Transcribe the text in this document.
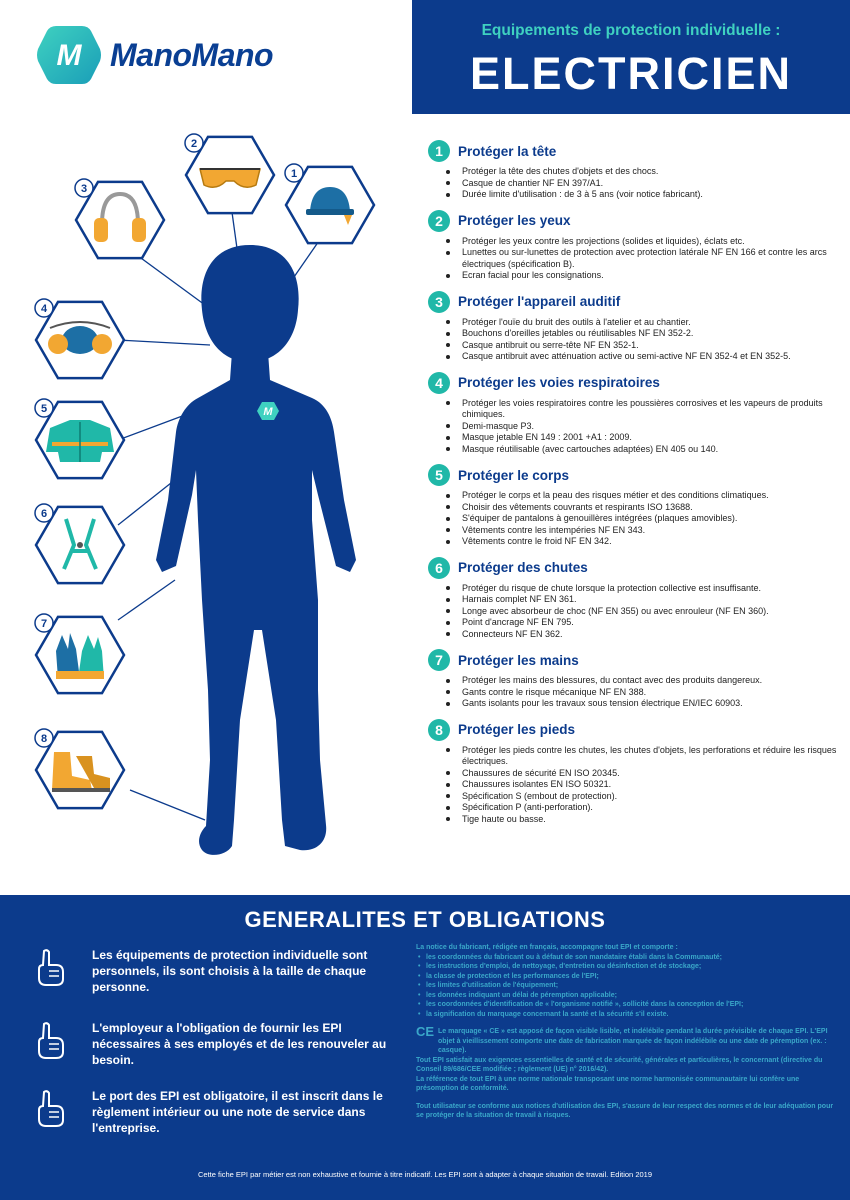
M ManoMano
Equipements de protection individuelle :
ELECTRICIEN
M
1
2
3
4
5
6
7
8
1	Protéger la tête
Protéger la tête des chutes d'objets et des chocs.
Casque de chantier NF EN 397/A1.
Durée limite d'utilisation : de 3 à 5 ans (voir notice fabricant).
2	Protéger les yeux
Protéger les yeux contre les projections (solides et liquides), éclats etc.
Lunettes ou sur-lunettes de protection avec protection latérale NF EN 166 et contre les arcs électriques (spécification B).
Ecran facial pour les consignations.
3	Protéger l'appareil auditif
Protéger l'ouïe du bruit des outils à l'atelier et au chantier.
Bouchons d'oreilles jetables ou réutilisables NF EN 352-2.
Casque antibruit ou serre-tête NF EN 352-1.
Casque antibruit avec atténuation active ou semi-active NF EN 352-4 et EN 352-5.
4	Protéger les voies respiratoires
Protéger les voies respiratoires contre les poussières corrosives et les vapeurs de produits chimiques.
Demi-masque P3.
Masque jetable EN 149 : 2001 +A1 : 2009.
Masque réutilisable (avec cartouches adaptées) EN 405 ou 140.
5	Protéger le corps
Protéger le corps et la peau des risques métier et des conditions climatiques.
Choisir des vêtements couvrants et respirants ISO 13688.
S'équiper de pantalons à genouillères intégrées (plaques amovibles).
Vêtements contre les intempéries NF EN 343.
Vêtements contre le froid NF EN 342.
6	Protéger des chutes
Protéger du risque de chute lorsque la protection collective est insuffisante.
Harnais complet NF EN 361.
Longe avec absorbeur de choc (NF EN 355) ou avec enrouleur (NF EN 360).
Point d'ancrage NF EN 795.
Connecteurs NF EN 362.
7	Protéger les mains
Protéger les mains des blessures, du contact avec des produits dangereux.
Gants contre le risque mécanique NF EN 388.
Gants isolants pour les travaux sous tension électrique EN/IEC 60903.
8	Protéger les pieds
Protéger les pieds contre les chutes, les chutes d'objets, les perforations et réduire les risques électriques.
Chaussures de sécurité EN ISO 20345.
Chaussures isolantes EN ISO 50321.
Spécification S (embout de protection).
Spécification P (anti-perforation).
Tige haute ou basse.
GENERALITES ET OBLIGATIONS
Les équipements de protection individuelle sont personnels, ils sont choisis à la taille de chaque personne.
L'employeur a l'obligation de fournir les EPI nécessaires à ses employés et de les renouveler au besoin.
Le port des EPI est obligatoire, il est inscrit dans le règlement intérieur ou une note de service dans l'entreprise.
La notice du fabricant, rédigée en français, accompagne tout EPI et comporte :
• les coordonnées du fabricant ou à défaut de son mandataire établi dans la Communauté;
• les instructions d'emploi, de nettoyage, d'entretien ou désinfection et de stockage;
• la classe de protection et les performances de l'EPI;
• les limites d'utilisation de l'équipement;
• les données indiquant un délai de péremption applicable;
• les coordonnées d'identification de « l'organisme notifié », sollicité dans la conception de l'EPI;
• la signification du marquage concernant la santé et la sécurité s'il existe.
CE Le marquage « CE » est apposé de façon visible lisible, et indélébile pendant la durée prévisible de chaque EPI. L'EPI objet à vieillissement comporte une date de fabrication marquée de façon indélébile ou une date de péremption (ex. : casque).
Tout EPI satisfait aux exigences essentielles de santé et de sécurité, générales et particulières, le concernant (directive du Conseil 89/686/CEE modifiée ; règlement (UE) n° 2016/42).
La référence de tout EPI à une norme nationale transposant une norme harmonisée communautaire lui confère une présomption de conformité.
Tout utilisateur se conforme aux notices d'utilisation des EPI, s'assure de leur respect des normes et de leur adéquation pour se protéger de la situation de travail à risques.
Cette fiche EPI par métier est non exhaustive et fournie à titre indicatif. Les EPI sont à adapter à chaque situation de travail. Edition 2019
